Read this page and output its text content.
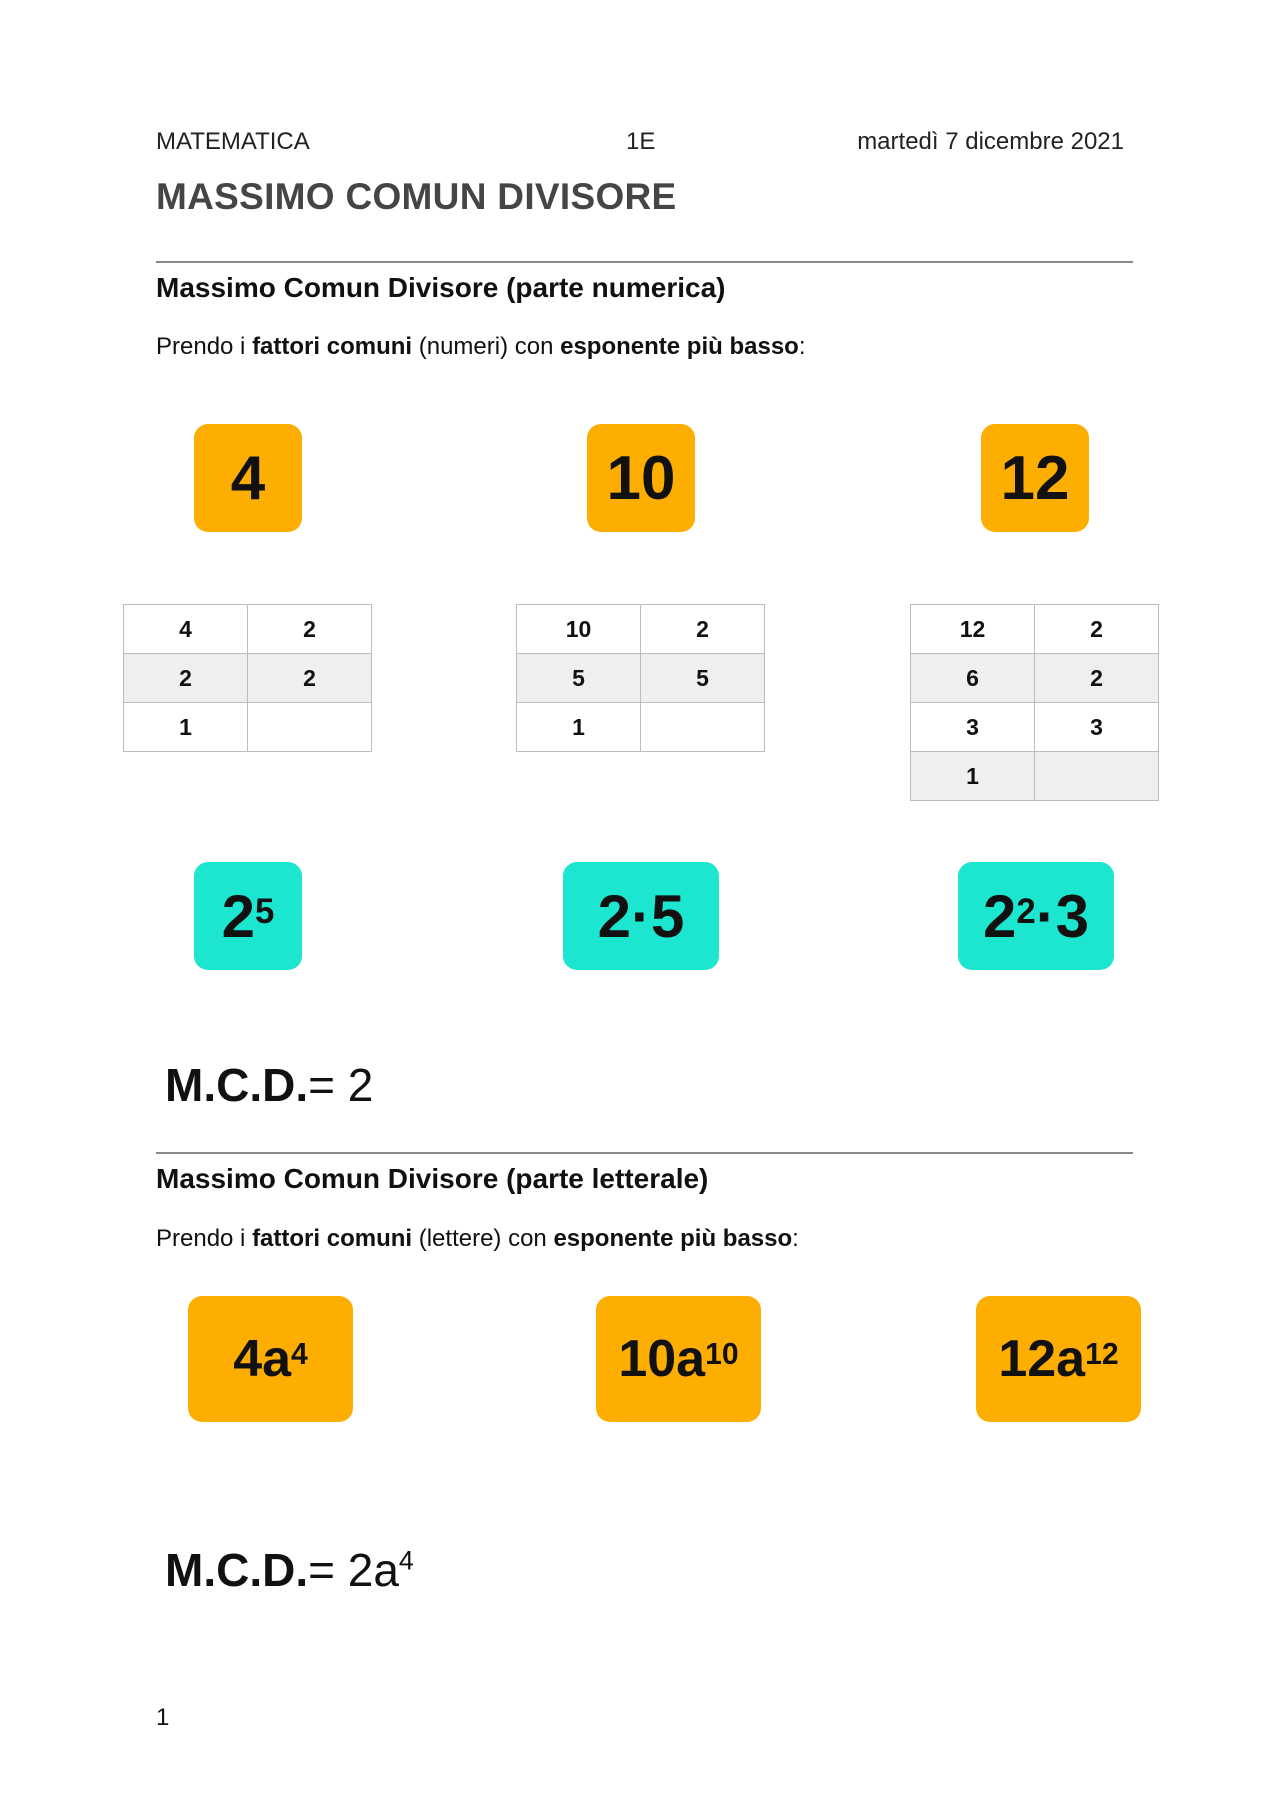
MATEMATICA	1E	martedì 7 dicembre 2021
MASSIMO COMUN DIVISORE
Massimo Comun Divisore (parte numerica)
Prendo i fattori comuni (numeri) con esponente più basso:
4	10	12
4	2
2	2
1	
10	2
5	5
1	
12	2
6	2
3	3
1	
$2^5$	2·5	$2^2 \cdot 3$
M.C.D.= 2
Massimo Comun Divisore (parte letterale)
Prendo i fattori comuni (lettere) con esponente più basso:
$4a^4$	$10a^{10}$	$12a^{12}$
$M.C.D.= 2a^4$
1
